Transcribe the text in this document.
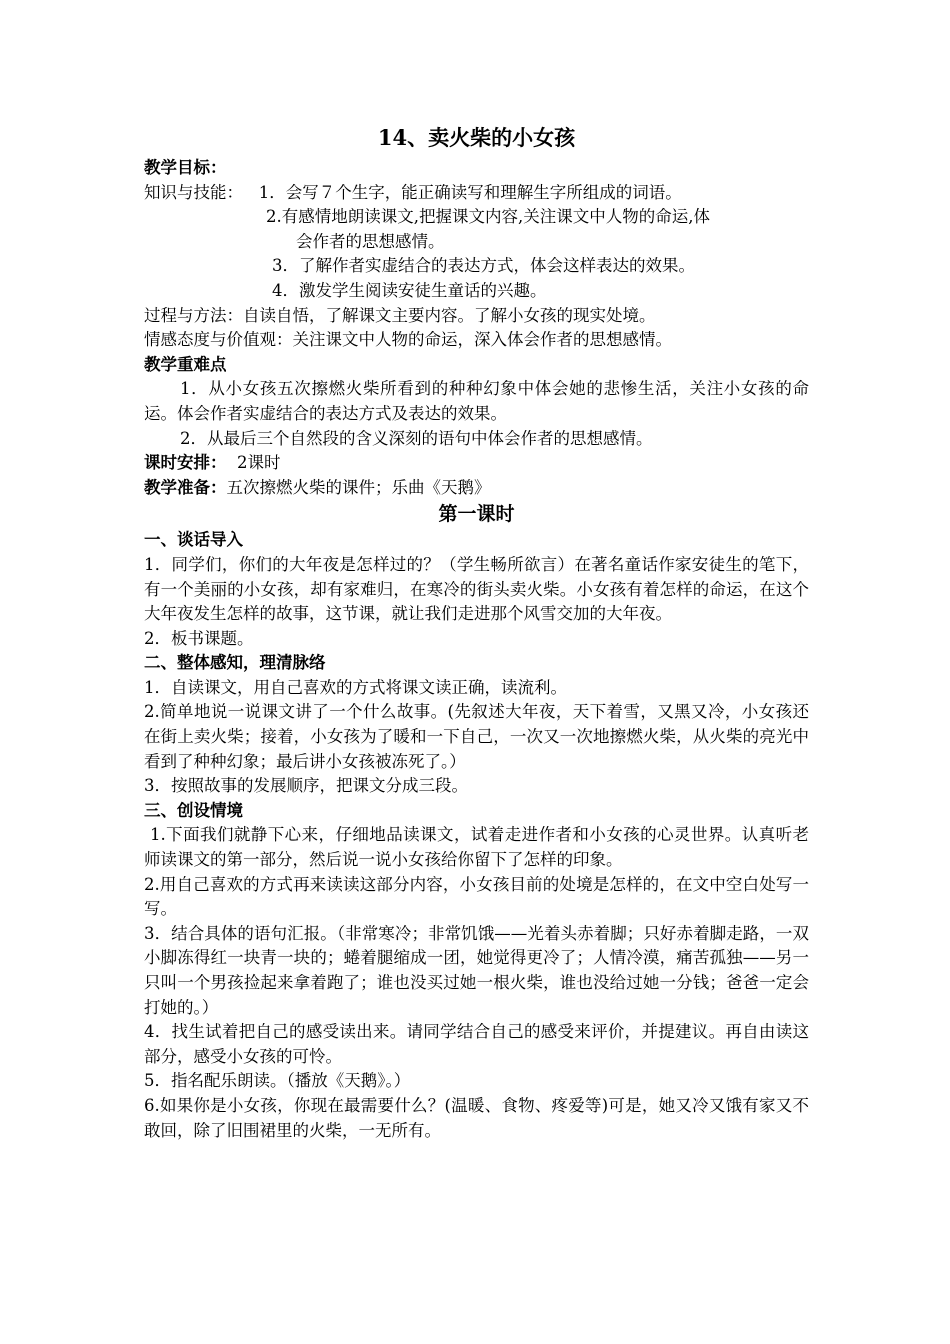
14、卖火柴的小女孩

教学目标：

知识与技能： 1．会写７个生字，能正确读写和理解生字所组成的词语。

2.有感情地朗读课文,把握课文内容,关注课文中人物的命运,体

会作者的思想感情。

3．了解作者实虚结合的表达方式，体会这样表达的效果。

4．激发学生阅读安徒生童话的兴趣。

过程与方法：自读自悟，了解课文主要内容。了解小女孩的现实处境。

情感态度与价值观：关注课文中人物的命运，深入体会作者的思想感情。

教学重难点

1．从小女孩五次擦燃火柴所看到的种种幻象中体会她的悲惨生活，关注小女孩的命运。体会作者实虚结合的表达方式及表达的效果。

2．从最后三个自然段的含义深刻的语句中体会作者的思想感情。

课时安排：  2课时

教学准备：五次擦燃火柴的课件；乐曲《天鹅》

第一课时

一、谈话导入

1．同学们，你们的大年夜是怎样过的？（学生畅所欲言）在著名童话作家安徒生的笔下，有一个美丽的小女孩，却有家难归，在寒冷的街头卖火柴。小女孩有着怎样的命运，在这个大年夜发生怎样的故事，这节课，就让我们走进那个风雪交加的大年夜。

2．板书课题。

二、整体感知，理清脉络

1．自读课文，用自己喜欢的方式将课文读正确，读流利。

2.简单地说一说课文讲了一个什么故事。(先叙述大年夜，天下着雪，又黑又冷，小女孩还在街上卖火柴；接着，小女孩为了暖和一下自己，一次又一次地擦燃火柴，从火柴的亮光中看到了种种幻象；最后讲小女孩被冻死了。）

3．按照故事的发展顺序，把课文分成三段。

三、创设情境

1.下面我们就静下心来，仔细地品读课文，试着走进作者和小女孩的心灵世界。认真听老师读课文的第一部分，然后说一说小女孩给你留下了怎样的印象。

2.用自己喜欢的方式再来读读这部分内容，小女孩目前的处境是怎样的，在文中空白处写一写。

3．结合具体的语句汇报。（非常寒冷；非常饥饿——光着头赤着脚；只好赤着脚走路，一双小脚冻得红一块青一块的；蜷着腿缩成一团，她觉得更冷了；人情冷漠，痛苦孤独——另一只叫一个男孩捡起来拿着跑了；谁也没买过她一根火柴，谁也没给过她一分钱；爸爸一定会打她的。）

4．找生试着把自己的感受读出来。请同学结合自己的感受来评价，并提建议。再自由读这部分，感受小女孩的可怜。

5．指名配乐朗读。（播放《天鹅》。）

6.如果你是小女孩，你现在最需要什么？(温暖、食物、疼爱等)可是，她又冷又饿有家又不敢回，除了旧围裙里的火柴，一无所有。
